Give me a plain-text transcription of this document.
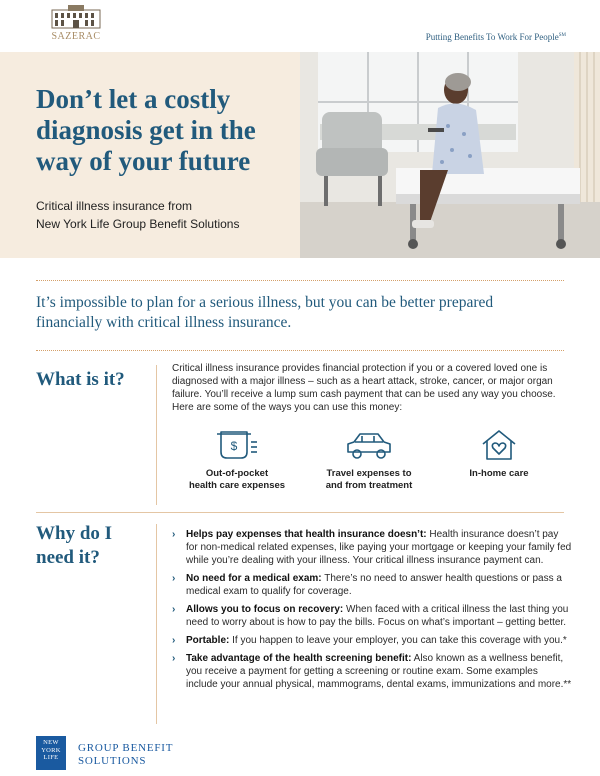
SAZERAC	Putting Benefits To Work For People℠
Don’t let a costly diagnosis get in the way of your future
Critical illness insurance from
New York Life Group Benefit Solutions
It’s impossible to plan for a serious illness, but you can be better prepared financially with critical illness insurance.
What is it?

Critical illness insurance provides financial protection if you or a covered loved one is diagnosed with a major illness – such as a heart attack, stroke, cancer, or major organ failure. You’ll receive a lump sum cash payment that can be used any way you choose. Here are some of the ways you can use this money:

$
Out-of-pocket
health care expenses
Travel expenses to
and from treatment
In-home care
Why do I
need it?
› Helps pay expenses that health insurance doesn’t: Health insurance doesn’t pay for non-medical related expenses, like paying your mortgage or keeping your family fed while you’re dealing with your illness. Your critical illness insurance payment can.
› No need for a medical exam: There’s no need to answer health questions or pass a medical exam to qualify for coverage.
› Allows you to focus on recovery: When faced with a critical illness the last thing you need to worry about is how to pay the bills. Focus on what’s important – getting better.
› Portable: If you happen to leave your employer, you can take this coverage with you.*
› Take advantage of the health screening benefit: Also known as a wellness benefit, you receive a payment for getting a screening or routine exam. Some examples include your annual physical, mammograms, dental exams, immunizations and more.**
NEW
YORK
LIFE
GROUP BENEFIT
SOLUTIONS
